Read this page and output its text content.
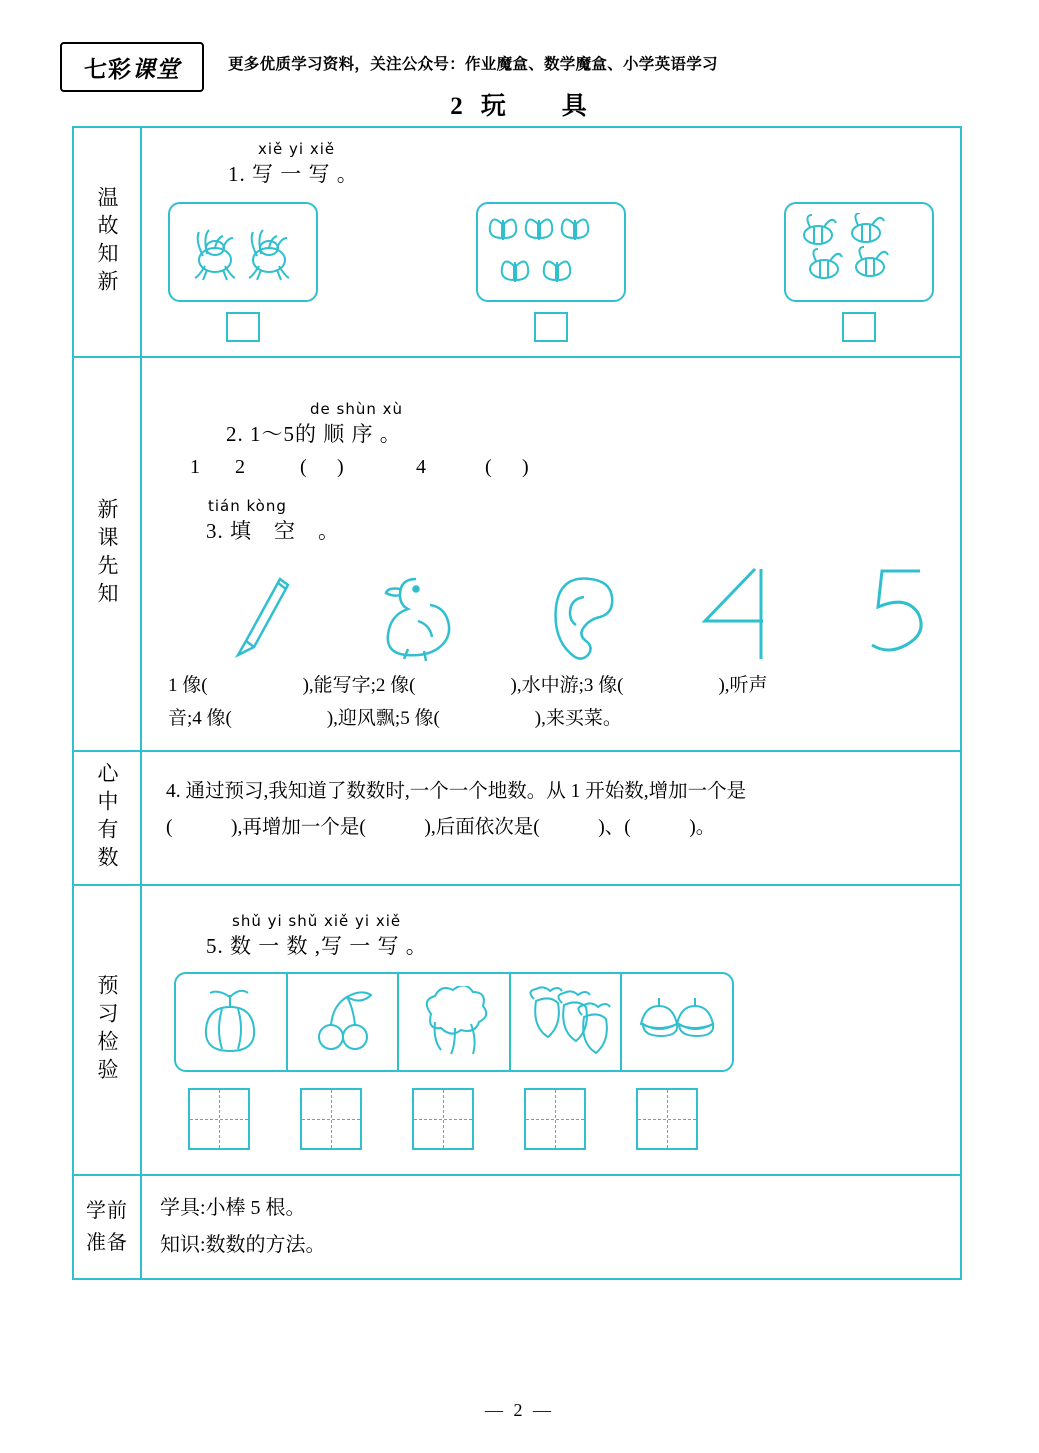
七彩 课堂	更多优质学习资料，关注公众号：作业魔盒、数学魔盒、小学英语学习
2 玩　　具
温故知新
xiě yi xiě
1. 写 一 写 。
新课先知
de shùn xù
2. 1～5的 顺 序 。
1 2	( )	4	( )
tián kòng
3. 填　空　。
1 像(　　　　　),能写字;2 像(　　　　　),水中游;3 像(　　　　　),听声
音;4 像(　　　　　),迎风飘;5 像(　　　　　),来买菜。
心中有数	4. 通过预习,我知道了数数时,一个一个地数。从 1 开始数,增加一个是
(　　　),再增加一个是(　　　),后面依次是(　　　)、(　　　)。
预习检验
shǔ yi shǔ xiě yi xiě
5. 数 一 数 ,写 一 写 。
学前
准备
学具:小棒 5 根。
知识:数数的方法。
— 2 —
